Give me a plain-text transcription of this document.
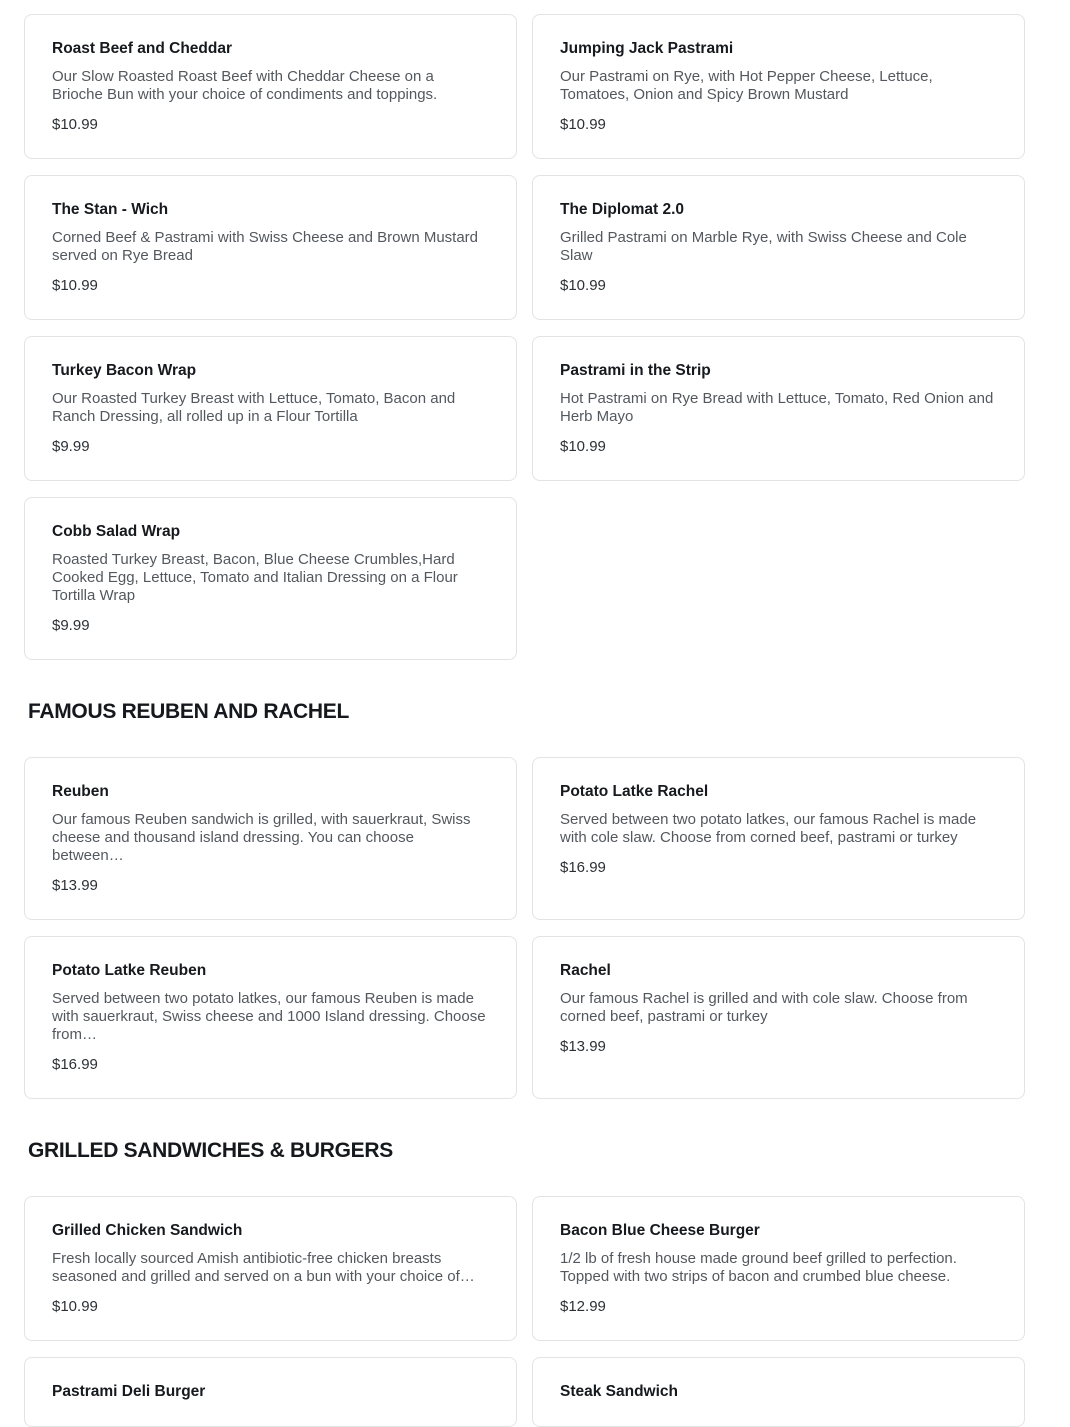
Roast Beef and Cheddar

Our Slow Roasted Roast Beef with Cheddar Cheese on a Brioche Bun with your choice of condiments and toppings.

$10.99
Jumping Jack Pastrami

Our Pastrami on Rye, with Hot Pepper Cheese, Lettuce, Tomatoes, Onion and Spicy Brown Mustard

$10.99
The Stan - Wich

Corned Beef & Pastrami with Swiss Cheese and Brown Mustard served on Rye Bread

$10.99
The Diplomat 2.0

Grilled Pastrami on Marble Rye, with Swiss Cheese and Cole Slaw

$10.99
Turkey Bacon Wrap

Our Roasted Turkey Breast with Lettuce, Tomato, Bacon and Ranch Dressing, all rolled up in a Flour Tortilla

$9.99
Pastrami in the Strip

Hot Pastrami on Rye Bread with Lettuce, Tomato, Red Onion and Herb Mayo

$10.99
Cobb Salad Wrap

Roasted Turkey Breast, Bacon, Blue Cheese Crumbles,Hard Cooked Egg, Lettuce, Tomato and Italian Dressing on a Flour Tortilla Wrap

$9.99
FAMOUS REUBEN AND RACHEL
Reuben

Our famous Reuben sandwich is grilled, with sauerkraut, Swiss cheese and thousand island dressing. You can choose between…

$13.99
Potato Latke Rachel

Served between two potato latkes, our famous Rachel is made with cole slaw. Choose from corned beef, pastrami or turkey

$16.99
Potato Latke Reuben

Served between two potato latkes, our famous Reuben is made with sauerkraut, Swiss cheese and 1000 Island dressing. Choose from…

$16.99
Rachel

Our famous Rachel is grilled and with cole slaw. Choose from corned beef, pastrami or turkey

$13.99
GRILLED SANDWICHES & BURGERS
Grilled Chicken Sandwich

Fresh locally sourced Amish antibiotic-free chicken breasts seasoned and grilled and served on a bun with your choice of…

$10.99
Bacon Blue Cheese Burger

1/2 lb of fresh house made ground beef grilled to perfection. Topped with two strips of bacon and crumbed blue cheese.

$12.99
Pastrami Deli Burger	Steak Sandwich
